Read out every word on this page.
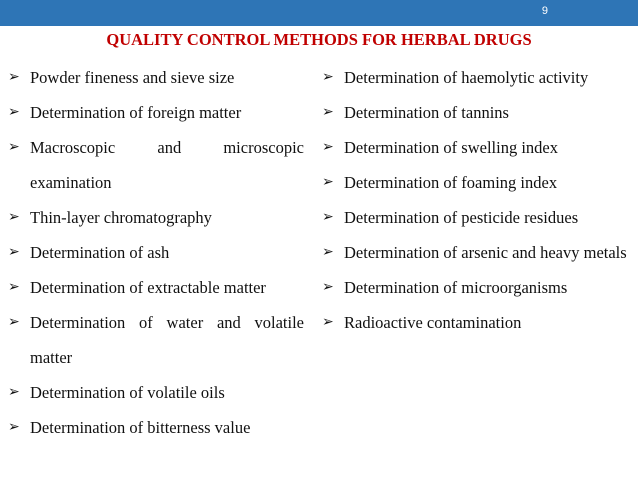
9
QUALITY CONTROL METHODS FOR HERBAL DRUGS
➢ Powder fineness and sieve size
➢ Determination of foreign matter
➢ Macroscopic and microscopic examination
➢ Thin-layer chromatography
➢ Determination of ash
➢ Determination of extractable matter
➢ Determination of water and volatile matter
➢ Determination of volatile oils
➢ Determination of bitterness value
➢ Determination of haemolytic activity
➢ Determination of tannins
➢ Determination of swelling index
➢ Determination of foaming index
➢ Determination of pesticide residues
➢ Determination of arsenic and heavy metals
➢ Determination of microorganisms
➢ Radioactive contamination
